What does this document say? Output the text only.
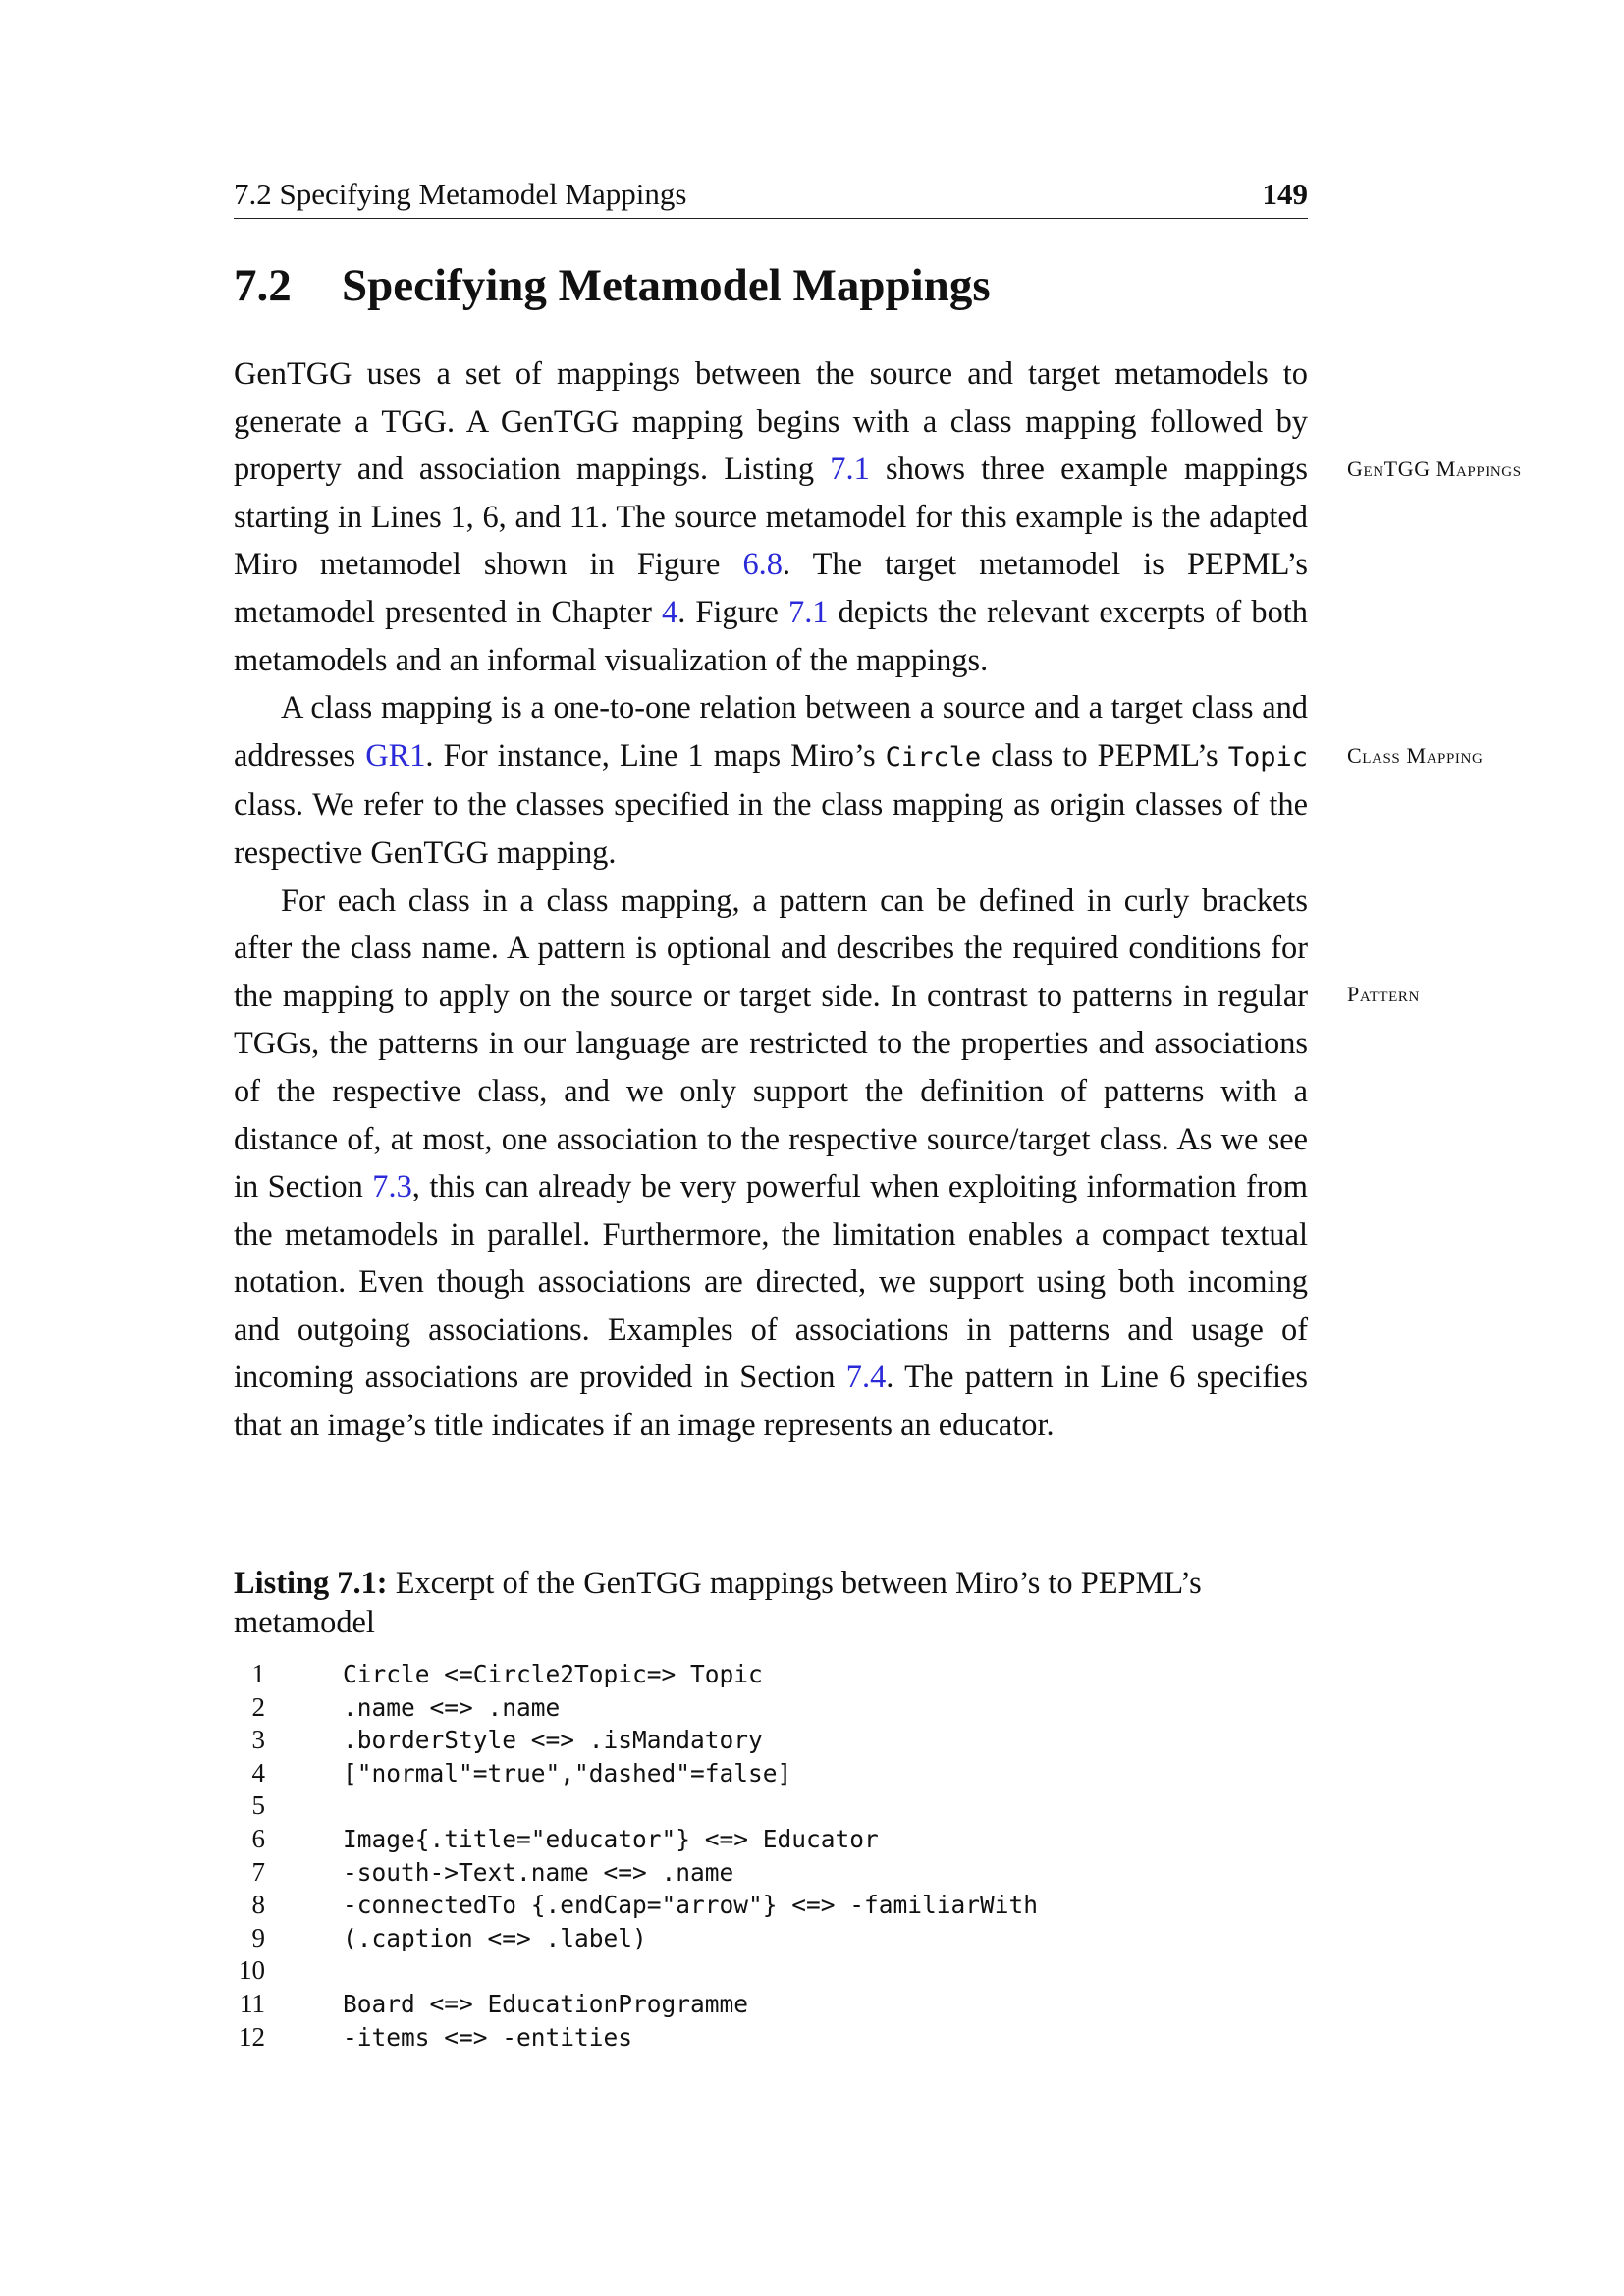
7.2 Specifying Metamodel Mappings	149
7.2 Specifying Metamodel Mappings

GenTGG uses a set of mappings between the source and target metamodels to generate a TGG. A GenTGG mapping begins with a class mapping followed by property and association mappings. Listing 7.1 shows three example mappings starting in Lines 1, 6, and 11. The source metamodel for this example is the adapted Miro metamodel shown in Figure 6.8. The target metamodel is PEPML’s metamodel presented in Chapter 4. Figure 7.1 depicts the relevant excerpts of both metamodels and an informal visualization of the mappings.

A class mapping is a one-to-one relation between a source and a target class and addresses GR1. For instance, Line 1 maps Miro’s Circle class to PEPML’s Topic class. We refer to the classes specified in the class mapping as origin classes of the respective GenTGG mapping.

For each class in a class mapping, a pattern can be defined in curly brackets after the class name. A pattern is optional and describes the required conditions for the mapping to apply on the source or target side. In contrast to patterns in regular TGGs, the patterns in our language are restricted to the properties and associations of the respective class, and we only support the definition of patterns with a distance of, at most, one association to the respective source/target class. As we see in Section 7.3, this can already be very powerful when exploiting information from the metamodels in parallel. Furthermore, the limitation enables a compact textual notation. Even though associations are directed, we support using both incoming and outgoing associations. Examples of associations in patterns and usage of incoming associations are provided in Section 7.4. The pattern in Line 6 specifies that an image’s title indicates if an image represents an educator.

GenTGG Mappings
Class Mapping
Pattern
Listing 7.1: Excerpt of the GenTGG mappings between Miro’s to PEPML’s metamodel
1	Circle <=Circle2Topic=> Topic
2	.name <=> .name
3	.borderStyle <=> .isMandatory
4	["normal"=true","dashed"=false]
5
6	Image{.title="educator"} <=> Educator
7	-south->Text.name <=> .name
8	-connectedTo {.endCap="arrow"} <=> -familiarWith
9	(.caption <=> .label)
10
11	Board <=> EducationProgramme
12	-items <=> -entities
